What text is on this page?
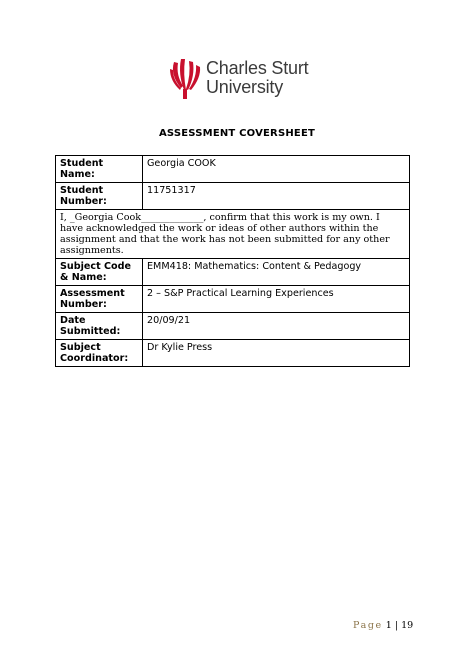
Charles Sturt
University
ASSESSMENT COVERSHEET
Student Name:	Georgia COOK
Student Number:	11751317
I, _Georgia Cook_____________, confirm that this work is my own. I have acknowledged the work or ideas of other authors within the assignment and that the work has not been submitted for any other assignments.	
Subject Code & Name:	EMM418: Mathematics: Content & Pedagogy
Assessment Number:	2 – S&P Practical Learning Experiences
Date Submitted:	20/09/21
Subject Coordinator:	Dr Kylie Press
Page 1 | 19
